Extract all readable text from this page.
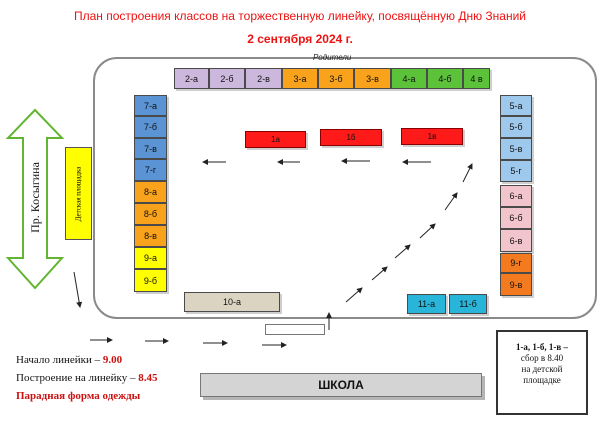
План построения классов на торжественную линейку, посвящённую Дню Знаний
2 сентября 2024 г.
Родители
2-а	2-б	2-в	3-а	3-б	3-в	4-а	4-б	4 в
7-а
7-б
7-в
7-г
8-а
8-б
8-в
9-а
9-б
5-а
5-б
5-в
5-г
6-а
6-б
6-в
9-г
9-в
1а	1б	1в
10-а	11-а	11-б
Детская площадка
Пр. Косыгина
ШКОЛА
Начало линейки – 9.00
Построение на линейку – 8.45
Парадная форма одежды
1-а, 1-б, 1-в –
сбор в 8.40
на детской
площадке
